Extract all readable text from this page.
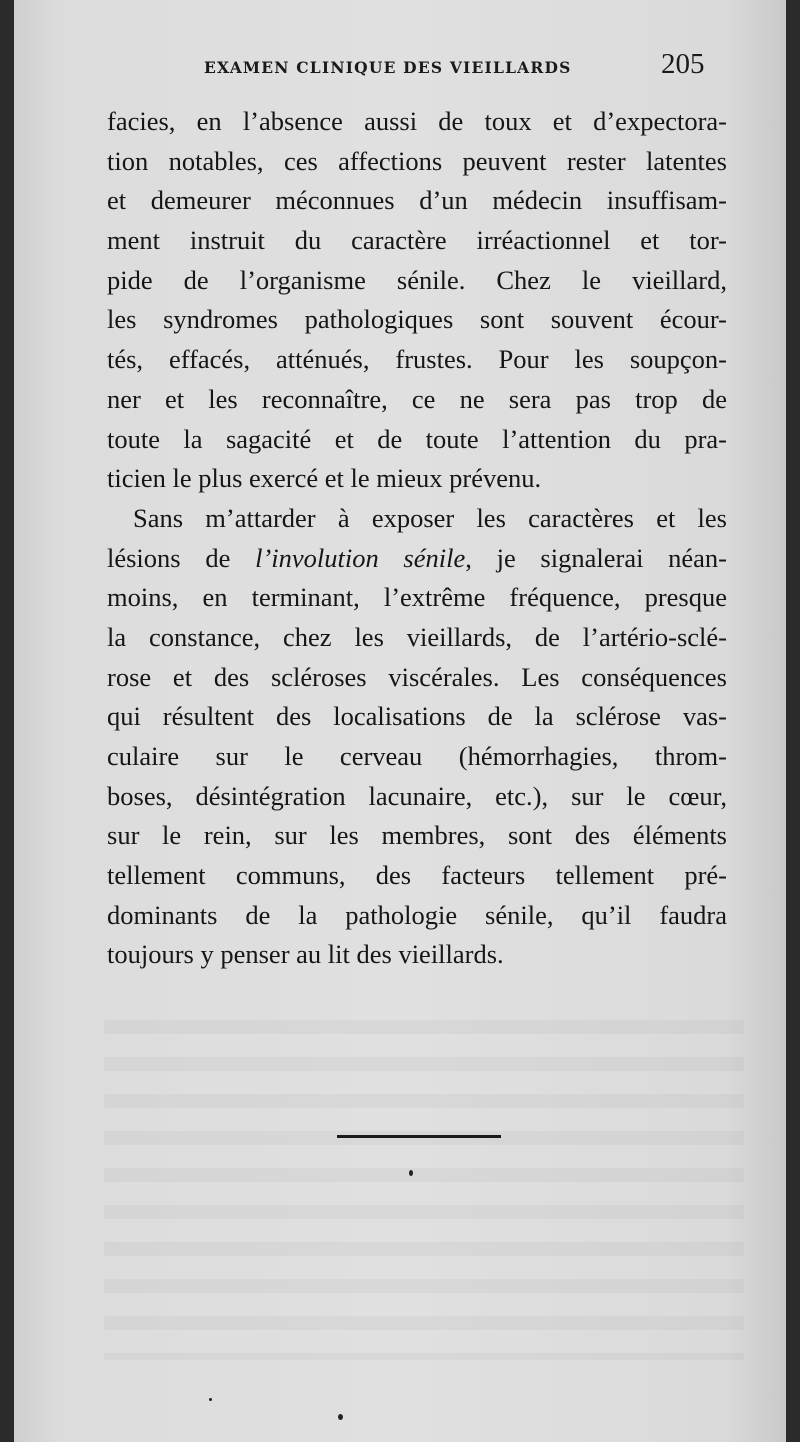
EXAMEN CLINIQUE DES VIEILLARDS	205
facies, en l’absence aussi de toux et d’expectora-
tion notables, ces affections peuvent rester latentes
et demeurer méconnues d’un médecin insuffisam-
ment instruit du caractère irréactionnel et tor-
pide de l’organisme sénile. Chez le vieillard,
les syndromes pathologiques sont souvent écour-
tés, effacés, atténués, frustes. Pour les soupçon-
ner et les reconnaître, ce ne sera pas trop de
toute la sagacité et de toute l’attention du pra-
ticien le plus exercé et le mieux prévenu.
Sans m’attarder à exposer les caractères et les
lésions de l’involution sénile, je signalerai néan-
moins, en terminant, l’extrême fréquence, presque
la constance, chez les vieillards, de l’artério-sclé-
rose et des scléroses viscérales. Les conséquences
qui résultent des localisations de la sclérose vas-
culaire sur le cerveau (hémorrhagies, throm-
boses, désintégration lacunaire, etc.), sur le cœur,
sur le rein, sur les membres, sont des éléments
tellement communs, des facteurs tellement pré-
dominants de la pathologie sénile, qu’il faudra
toujours y penser au lit des vieillards.
